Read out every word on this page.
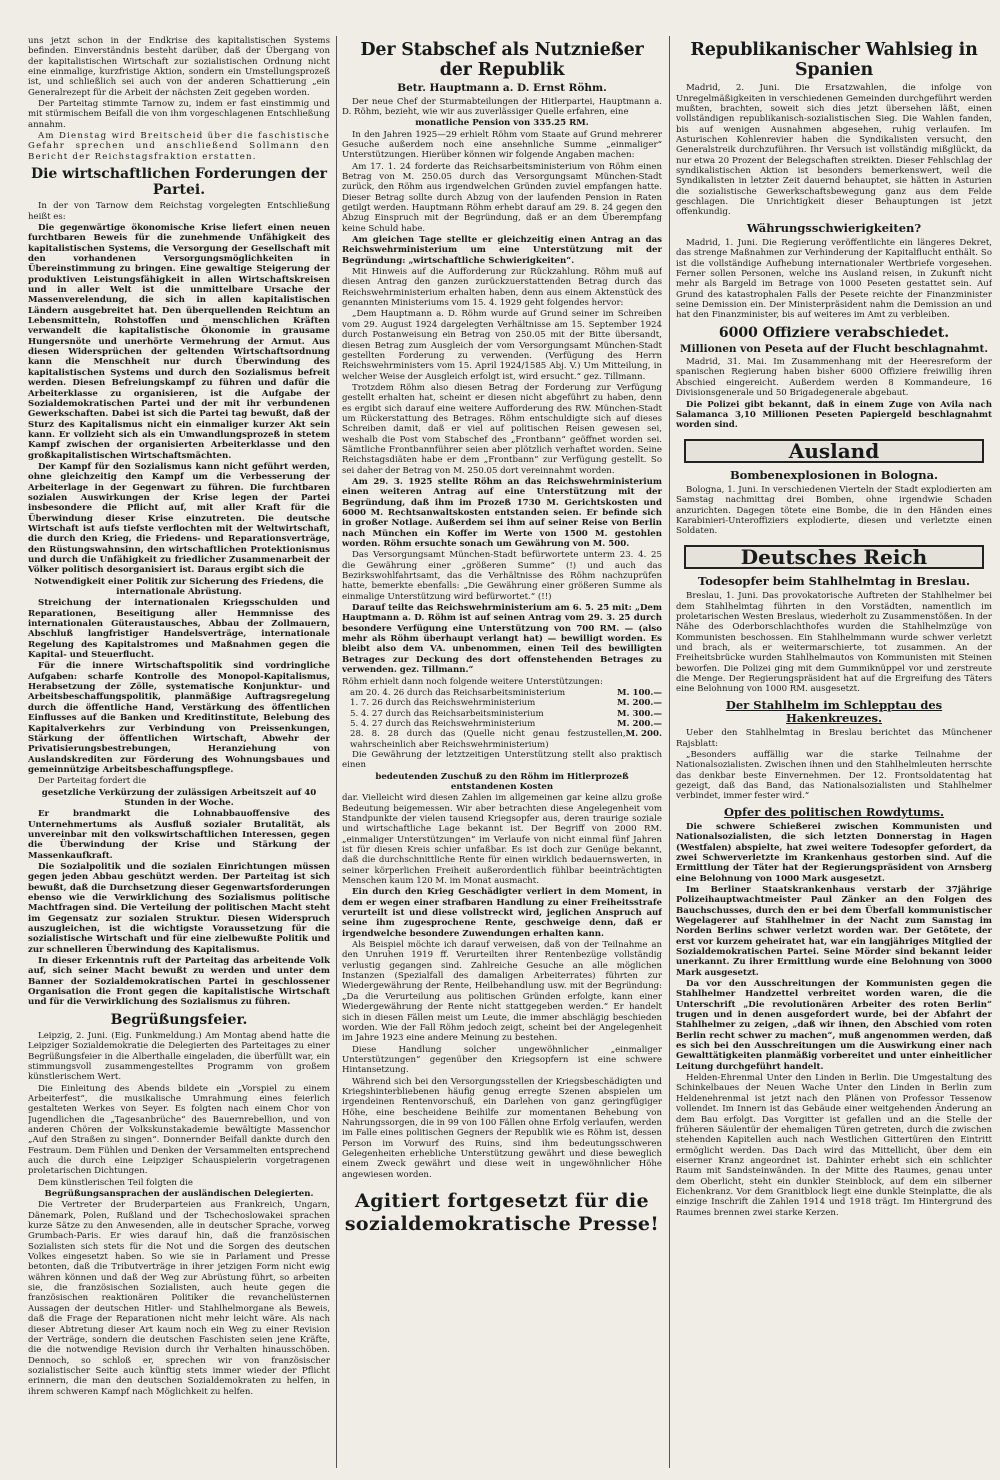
uns jetzt schon in der Endkrise des kapitalistischen Systems befinden. Einverständnis besteht darüber, daß der Übergang von der kapitalistischen Wirtschaft zur sozialistischen Ordnung nicht eine einmalige, kurzfristige Aktion, sondern ein Umstellungsprozeß ist, und schließlich sei auch von der anderen Schattierung „ein Generalrezept für die Arbeit der nächsten Zeit gegeben worden.

Der Parteitag stimmte Tarnow zu, indem er fast einstimmig und mit stürmischem Beifall die von ihm vorgeschlagenen Entschließung annahm.

Am Dienstag wird Breitscheid über die faschistische Gefahr sprechen und anschließend Sollmann den Bericht der Reichstagsfraktion erstatten.

Die wirtschaftlichen Forderungen der Partei.

In der von Tarnow dem Reichstag vorgelegten Entschließung heißt es:

Die gegenwärtige ökonomische Krise liefert einen neuen furchtbaren Beweis für die zunehmende Unfähigkeit des kapitalistischen Systems, die Versorgung der Gesellschaft mit den vorhandenen Versorgungsmöglichkeiten in Übereinstimmung zu bringen. Eine gewaltige Steigerung der produktiven Leistungsfähigkeit in allen Wirtschaftskreisen und in aller Welt ist die unmittelbare Ursache der Massenverelendung, die sich in allen kapitalistischen Ländern ausgebreitet hat. Den überquellenden Reichtum an Lebensmitteln, Rohstoffen und menschlichen Kräften verwandelt die kapitalistische Ökonomie in grausame Hungersnöte und unerhörte Vermehrung der Armut. Aus diesen Widersprüchen der geltenden Wirtschaftsordnung kann die Menschheit nur durch Überwindung des kapitalistischen Systems und durch den Sozialismus befreit werden. Diesen Befreiungskampf zu führen und dafür die Arbeiterklasse zu organisieren, ist die Aufgabe der Sozialdemokratischen Partei und der mit ihr verbundenen Gewerkschaften. Dabei ist sich die Partei tag bewußt, daß der Sturz des Kapitalismus nicht ein einmaliger kurzer Akt sein kann. Er vollzieht sich als ein Umwandlungsprozeß in stetem Kampf zwischen der organisierten Arbeiterklasse und den großkapitalistischen Wirtschaftsmächten.

Der Kampf für den Sozialismus kann nicht geführt werden, ohne gleichzeitig den Kampf um die Verbesserung der Arbeiterlage in der Gegenwart zu führen. Die furchtbaren sozialen Auswirkungen der Krise legen der Partei insbesondere die Pflicht auf, mit aller Kraft für die Überwindung dieser Krise einzutreten. Die deutsche Wirtschaft ist aufs tiefste verflochten mit der Weltwirtschaft, die durch den Krieg, die Friedens- und Reparationsverträge, den Rüstungswahnsinn, den wirtschaftlichen Protektionismus und durch die Unfähigkeit zu friedlicher Zusammenarbeit der Völker politisch desorganisiert ist. Daraus ergibt sich die

Notwendigkeit einer Politik zur Sicherung des Friedens, die internationale Abrüstung.

Streichung der internationalen Kriegsschulden und Reparationen, Beseitigung aller Hemmnisse des internationalen Güteraustausches, Abbau der Zollmauern, Abschluß langfristiger Handelsverträge, internationale Regelung des Kapitalstromes und Maßnahmen gegen die Kapital- und Steuerflucht.

Für die innere Wirtschaftspolitik sind vordringliche Aufgaben: scharfe Kontrolle des Monopol-Kapitalismus, Herabsetzung der Zölle, systematische Konjunktur- und Arbeitsbeschaffungspolitik, planmäßige Auftragsregelung durch die öffentliche Hand, Verstärkung des öffentlichen Einflusses auf die Banken und Kreditinstitute, Belebung des Kapitalverkehrs zur Verbindung von Preissenkungen, Stärkung der öffentlichen Wirtschaft, Abwehr der Privatisierungsbestrebungen, Heranziehung von Auslandskrediten zur Förderung des Wohnungsbaues und gemeinnützige Arbeitsbeschaffungspflege.

Der Parteitag fordert die

gesetzliche Verkürzung der zulässigen Arbeitszeit auf 40 Stunden in der Woche.

Er brandmarkt die Lohnabbauoffensive des Unternehmertums als Ausfluß sozialer Brutalität, als unvereinbar mit den volkswirtschaftlichen Interessen, gegen die Überwindung der Krise und Stärkung der Massenkaufkraft.

Die Sozialpolitik und die sozialen Einrichtungen müssen gegen jeden Abbau geschützt werden. Der Parteitag ist sich bewußt, daß die Durchsetzung dieser Gegenwartsforderungen ebenso wie die Verwirklichung des Sozialismus politische Machtfragen sind. Die Verteilung der politischen Macht steht im Gegensatz zur sozialen Struktur. Diesen Widerspruch auszugleichen, ist die wichtigste Voraussetzung für die sozialistische Wirtschaft und für eine zielbewußte Politik und zur schnelleren Überwindung des Kapitalismus.

In dieser Erkenntnis ruft der Parteitag das arbeitende Volk auf, sich seiner Macht bewußt zu werden und unter dem Banner der Sozialdemokratischen Partei in geschlossener Organisation die Front gegen die kapitalistische Wirtschaft und für die Verwirklichung des Sozialismus zu führen.

Begrüßungsfeier.

Leipzig, 2. Juni. (Eig. Funkmeldung.) Am Montag abend hatte die Leipziger Sozialdemokratie die Delegierten des Parteitages zu einer Begrüßungsfeier in die Alberthalle eingeladen, die überfüllt war, ein stimmungsvoll zusammengestelltes Programm von großem künstlerischem Wert.

Die Einleitung des Abends bildete ein „Vorspiel zu einem Arbeiterfest“, die musikalische Umrahmung eines feierlich gestalteten Werkes von Seyer. Es folgten nach einem Chor von Jugendlichen die „Tagesanbrüche“ des Bauernrebellion, und von anderen Chören der Volkskunstakademie bewältigte Massenchor „Auf den Straßen zu singen“. Donnernder Beifall dankte durch den Festraum. Dem Fühlen und Denken der Versammelten entsprechend auch die durch eine Leipziger Schauspielerin vorgetragenen proletarischen Dichtungen.

Dem künstlerischen Teil folgten die

Begrüßungsansprachen der ausländischen Delegierten.

Die Vertreter der Bruderparteien aus Frankreich, Ungarn, Dänemark, Polen, Rußland und der Tschechoslowakei sprachen kurze Sätze zu den Anwesenden, alle in deutscher Sprache, vorweg Grumbach-Paris. Er wies darauf hin, daß die französischen Sozialisten sich stets für die Not und die Sorgen des deutschen Volkes eingesetzt haben. So wie sie in Parlament und Presse betonten, daß die Tributverträge in ihrer jetzigen Form nicht ewig währen können und daß der Weg zur Abrüstung führt, so arbeiten sie, die französischen Sozialisten, auch heute gegen die französischen reaktionären Politiker die revanchelüsternen Aussagen der deutschen Hitler- und Stahlhelmorgane als Beweis, daß die Frage der Reparationen nicht mehr leicht wäre. Als nach dieser Abtretung dieser Art kaum noch ein Weg zu einer Revision der Verträge, sondern die deutschen Faschisten seien jene Kräfte, die die notwendige Revision durch ihr Verhalten hinausschöben. Dennoch, so schloß er, sprechen wir von französischer sozialistischer Seite auch künftig stets immer wieder der Pflicht erinnern, die man den deutschen Sozialdemokraten zu helfen, in ihrem schweren Kampf nach Möglichkeit zu helfen.

Der Stabschef als Nutznießer der Republik
Betr. Hauptmann a. D. Ernst Röhm.

Der neue Chef der Sturmabteilungen der Hitlerpartei, Hauptmann a. D. Röhm, bezieht, wie wir aus zuverlässiger Quelle erfahren, eine

monatliche Pension von 335.25 RM.

In den Jahren 1925—29 erhielt Röhm vom Staate auf Grund mehrerer Gesuche außerdem noch eine ansehnliche Summe „einmaliger“ Unterstützungen. Hierüber können wir folgende Angaben machen:

Am 17. 1. 24 forderte das Reichsarbeitsministerium von Röhm einen Betrag von M. 250.05 durch das Versorgungsamt München-Stadt zurück, den Röhm aus irgendwelchen Gründen zuviel empfangen hatte. Dieser Betrag sollte durch Abzug von der laufenden Pension in Raten getilgt werden. Hauptmann Röhm erhebt darauf am 29. 8. 24 gegen den Abzug Einspruch mit der Begründung, daß er an dem Überempfang keine Schuld habe.

Am gleichen Tage stellte er gleichzeitig einen Antrag an das Reichswehrministerium um eine Unterstützung mit der Begründung: „wirtschaftliche Schwierigkeiten“.

Mit Hinweis auf die Aufforderung zur Rückzahlung. Röhm muß auf diesen Antrag den ganzen zurückzuerstattenden Betrag durch das Reichswehrministerium erhalten haben, denn aus einem Aktenstück des genannten Ministeriums vom 15. 4. 1929 geht folgendes hervor:

„Dem Hauptmann a. D. Röhm wurde auf Grund seiner im Schreiben vom 29. August 1924 dargelegten Verhältnisse am 15. September 1924 durch Postanweisung ein Betrag von 250.05 mit der Bitte übersandt, diesen Betrag zum Ausgleich der vom Versorgungsamt München-Stadt gestellten Forderung zu verwenden. (Verfügung des Herrn Reichswehrministers vom 15. April 1924/1585 Abj. V.) Um Mitteilung, in welcher Weise der Ausgleich erfolgt ist, wird ersucht.“ gez. Tillmann.

Trotzdem Röhm also diesen Betrag der Forderung zur Verfügung gestellt erhalten hat, scheint er diesen nicht abgeführt zu haben, denn es ergibt sich darauf eine weitere Aufforderung des RW. München-Stadt um Rückerstattung des Betrages. Röhm entschuldigte sich auf dieses Schreiben damit, daß er viel auf politischen Reisen gewesen sei, weshalb die Post vom Stabschef des „Frontbann“ geöffnet worden sei. Sämtliche Frontbannführer seien aber plötzlich verhaftet worden. Seine Reichstagsdiäten habe er dem „Frontbann“ zur Verfügung gestellt. So sei daher der Betrag von M. 250.05 dort vereinnahmt worden.

Am 29. 3. 1925 stellte Röhm an das Reichswehrministerium einen weiteren Antrag auf eine Unterstützung mit der Begründung, daß ihm im Prozeß 1730 M. Gerichtskosten und 6000 M. Rechtsanwaltskosten entstanden seien. Er befinde sich in großer Notlage. Außerdem sei ihm auf seiner Reise von Berlin nach München ein Koffer im Werte von 1500 M. gestohlen worden. Röhm ersuchte sonach um Gewährung von M. 500.

Das Versorgungsamt München-Stadt befürwortete unterm 23. 4. 25 die Gewährung einer „größeren Summe“ (!) und auch das Bezirkswohlfahrtsamt, das die Verhältnisse des Röhm nachzuprüfen hatte, bemerkte ebenfalls: „Die Gewährung einer größeren Summe als einmalige Unterstützung wird befürwortet.“ (!!)

Darauf teilte das Reichswehrministerium am 6. 5. 25 mit: „Dem Hauptmann a. D. Röhm ist auf seinen Antrag vom 29. 3. 25 durch besondere Verfügung eine Unterstützung von 700 RM. — (also mehr als Röhm überhaupt verlangt hat) — bewilligt worden. Es bleibt also dem VA. unbenommen, einen Teil des bewilligten Betrages zur Deckung des dort offenstehenden Betrages zu verwenden. gez. Tillmann.“

Röhm erhielt dann noch folgende weitere Unterstützungen:

am 20. 4. 26 durch das Reichsarbeitsministerium	M. 100.—
1. 7. 26 durch das Reichswehrministerium	M. 200.—
5. 4. 27 durch das Reichsarbeitsministerium	M. 300.—
5. 4. 27 durch das Reichswehrministerium	M. 200.—
28. 8. 28 durch das (Quelle nicht genau festzustellen, wahrscheinlich aber Reichswehrministerium)
M. 200.

Die Gewährung der letztzeitigen Unterstützung stellt also praktisch einen

bedeutenden Zuschuß zu den Röhm im Hitlerprozeß entstandenen Kosten

dar. Vielleicht wird diesen Zahlen im allgemeinen gar keine allzu große Bedeutung beigemessen. Wir aber betrachten diese Angelegenheit vom Standpunkte der vielen tausend Kriegsopfer aus, deren traurige soziale und wirtschaftliche Lage bekannt ist. Der Begriff von 2000 RM. „einmaliger Unterstützungen“ im Verlaufe von nicht einmal fünf Jahren ist für diesen Kreis schier unfaßbar. Es ist doch zur Genüge bekannt, daß die durchschnittliche Rente für einen wirklich bedauernswerten, in seiner körperlichen Freiheit außerordentlich fühlbar beeinträchtigten Menschen kaum 120 M. im Monat ausmacht.

Ein durch den Krieg Geschädigter verliert in dem Moment, in dem er wegen einer strafbaren Handlung zu einer Freiheitsstrafe verurteilt ist und diese vollstreckt wird, jeglichen Anspruch auf seine ihm zugesprochene Rente, geschweige denn, daß er irgendwelche besondere Zuwendungen erhalten kann.

Als Beispiel möchte ich darauf verweisen, daß von der Teilnahme an den Unruhen 1919 ff. Verurteilten ihrer Rentenbezüge vollständig verlustig gegangen sind. Zahlreiche Gesuche an alle möglichen Instanzen (Spezialfall des damaligen Arbeiterrates) führten zur Wiedergewährung der Rente, Heilbehandlung usw. mit der Begründung: „Da die Verurteilung aus politischen Gründen erfolgte, kann einer Wiedergewährung der Rente nicht stattgegeben werden.“ Er handelt sich in diesen Fällen meist um Leute, die immer abschlägig beschieden worden. Wie der Fall Röhm jedoch zeigt, scheint bei der Angelegenheit im Jahre 1923 eine andere Meinung zu bestehen.

Diese Handlung solcher ungewöhnlicher „einmaliger Unterstützungen“ gegenüber den Kriegsopfern ist eine schwere Hintansetzung.

Während sich bei den Versorgungsstellen der Kriegsbeschädigten und Kriegshinterbliebenen häufig genug erregte Szenen abspielen um irgendeinen Rentenvorschuß, ein Darlehen von ganz geringfügiger Höhe, eine bescheidene Beihilfe zur momentanen Behebung von Nahrungssorgen, die in 99 von 100 Fällen ohne Erfolg verlaufen, werden im Falle eines politischen Gegners der Republik wie es Röhm ist, dessen Person im Vorwurf des Ruins, sind ihm bedeutungsschweren Gelegenheiten erhebliche Unterstützung gewährt und diese beweglich einem Zweck gewährt und diese weit in ungewöhnlicher Höhe angewiesen worden.

Agitiert fortgesetzt für die sozialdemokratische Presse!
Republikanischer Wahlsieg in Spanien

Madrid, 2. Juni. Die Ersatzwahlen, die infolge von Unregelmäßigkeiten in verschiedenen Gemeinden durchgeführt werden mußten, brachten, soweit sich dies jetzt übersehen läßt, einen vollständigen republikanisch-sozialistischen Sieg. Die Wahlen fanden, bis auf wenigen Ausnahmen abgesehen, ruhig verlaufen. Im Asturischen Kohlenrevier haben die Syndikalisten versucht, den Generalstreik durchzuführen. Ihr Versuch ist vollständig mißglückt, da nur etwa 20 Prozent der Belegschaften streikten. Dieser Fehlschlag der syndikalistischen Aktion ist besonders bemerkenswert, weil die Syndikalisten in letzter Zeit dauernd behauptet, sie hätten in Asturien die sozialistische Gewerkschaftsbewegung ganz aus dem Felde geschlagen. Die Unrichtigkeit dieser Behauptungen ist jetzt offenkundig.

Währungsschwierigkeiten?

Madrid, 1. Juni. Die Regierung veröffentlichte ein längeres Dekret, das strenge Maßnahmen zur Verhinderung der Kapitalflucht enthält. So ist die vollständige Aufhebung internationaler Wertbriefe vorgesehen. Ferner sollen Personen, welche ins Ausland reisen, in Zukunft nicht mehr als Bargeld im Betrage von 1000 Peseten gestattet sein. Auf Grund des katastrophalen Falls der Pesete reichte der Finanzminister seine Demission ein. Der Ministerpräsident nahm die Demission an und hat den Finanzminister, bis auf weiteres im Amt zu verbleiben.

6000 Offiziere verabschiedet.
Millionen von Peseta auf der Flucht beschlagnahmt.

Madrid, 31. Mai. Im Zusammenhang mit der Heeresreform der spanischen Regierung haben bisher 6000 Offiziere freiwillig ihren Abschied eingereicht. Außerdem werden 8 Kommandeure, 16 Divisionsgenerale und 50 Brigadegenerale abgebaut.

Die Polizei gibt bekannt, daß in einem Zuge von Avila nach Salamanca 3,10 Millionen Peseten Papiergeld beschlagnahmt worden sind.

Ausland
Bombenexplosionen in Bologna.

Bologna, 1. Juni. In verschiedenen Vierteln der Stadt explodierten am Samstag nachmittag drei Bomben, ohne irgendwie Schaden anzurichten. Dagegen tötete eine Bombe, die in den Händen eines Karabinieri-Unteroffiziers explodierte, diesen und verletzte einen Soldaten.

Deutsches Reich
Todesopfer beim Stahlhelmtag in Breslau.

Breslau, 1. Juni. Das provokatorische Auftreten der Stahlhelmer bei dem Stahlhelmtag führten in den Vorstädten, namentlich im proletarischen Westen Breslaus, wiederholt zu Zusammenstößen. In der Nähe des Oderborschlachthofes wurden die Stahlhelmzüge von Kommunisten beschossen. Ein Stahlhelmmann wurde schwer verletzt und brach, als er weitermarschierte, tot zusammen. An der Freiheitsbrücke wurden Stahlhelmautos von Kommunisten mit Steinen beworfen. Die Polizei ging mit dem Gummiknüppel vor und zerstreute die Menge. Der Regierungspräsident hat auf die Ergreifung des Täters eine Belohnung von 1000 RM. ausgesetzt.

Der Stahlhelm im Schlepptau des Hakenkreuzes.

Ueber den Stahlhelmtag in Breslau berichtet das Münchener Rajsblatt:

„Besonders auffällig war die starke Teilnahme der Nationalsozialisten. Zwischen ihnen und den Stahlhelmleuten herrschte das denkbar beste Einvernehmen. Der 12. Frontsoldatentag hat gezeigt, daß das Band, das Nationalsozialisten und Stahlhelmer verbindet, immer fester wird.“

Opfer des politischen Rowdytums.

Die schwere Schießerei zwischen Kommunisten und Nationalsozialisten, die sich letzten Donnerstag in Hagen (Westfalen) abspielte, hat zwei weitere Todesopfer gefordert, da zwei Schwerverletzte im Krankenhaus gestorben sind. Auf die Ermittlung der Täter hat der Regierungspräsident von Arnsberg eine Belohnung von 1000 Mark ausgesetzt.

Im Berliner Staatskrankenhaus verstarb der 37jährige Polizeihauptwachtmeister Paul Zänker an den Folgen des Bauchschusses, durch den er bei dem Überfall kommunistischer Wegelagerer auf Stahlhelmer in der Nacht zum Samstag im Norden Berlins schwer verletzt worden war. Der Getötete, der erst vor kurzem geheiratet hat, war ein langjähriges Mitglied der Sozialdemokratischen Partei. Seine Mörder sind bekannt leider unerkannt. Zu ihrer Ermittlung wurde eine Belohnung von 3000 Mark ausgesetzt.

Da vor den Ausschreitungen der Kommunisten gegen die Stahlhelmer Handzettel verbreitet worden waren, die die Unterschrift „Die revolutionären Arbeiter des roten Berlin“ trugen und in denen ausgefordert wurde, bei der Abfahrt der Stahlhelmer zu zeigen, „daß wir ihnen, den Abschied vom roten Berlin recht schwer zu machen“, muß angenommen werden, daß es sich bei den Ausschreitungen um die Auswirkung einer nach Gewalttätigkeiten planmäßig vorbereitet und unter einheitlicher Leitung durchgeführt handelt.

Helden-Ehrenmal Unter den Linden in Berlin. Die Umgestaltung des Schinkelbaues der Neuen Wache Unter den Linden in Berlin zum Heldenehrenmal ist jetzt nach den Plänen von Professor Tessenow vollendet. Im Innern ist das Gebäude einer weitgehenden Änderung an dem Bau erfolgt. Das Vorgitter ist gefallen und an die Stelle der früheren Säulentür der ehemaligen Türen getreten, durch die zwischen stehenden Kapitellen auch nach Westlichen Gittertüren den Eintritt ermöglicht werden. Das Dach wird das Mittellicht, über dem ein eiserner Kranz angeordnet ist. Dahinter erhebt sich ein schlichter Raum mit Sandsteinwänden. In der Mitte des Raumes, genau unter dem Oberlicht, steht ein dunkler Steinblock, auf dem ein silberner Eichenkranz. Vor dem Granitblock liegt eine dunkle Steinplatte, die als einzige Inschrift die Zahlen 1914 und 1918 trägt. Im Hintergrund des Raumes brennen zwei starke Kerzen.
